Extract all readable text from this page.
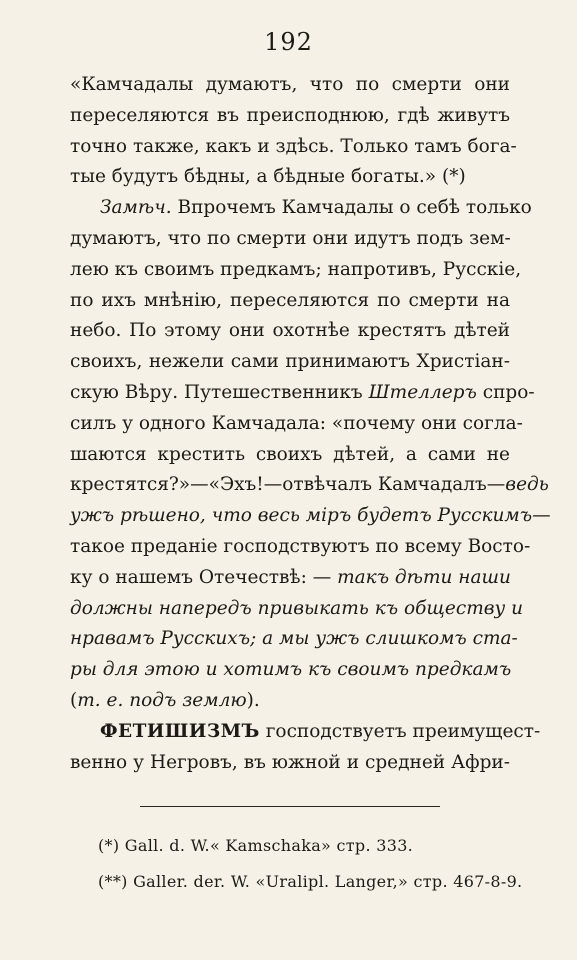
192
«Камчадалы думаютъ, что по смерти они
переселяются въ преисподнюю, гдѣ живутъ
точно также, какъ и здѣсь. Только тамъ бога-
тые будутъ бѣдны, а бѣдные богаты.» (*)
Замѣч. Впрочемъ Камчадалы о себѣ только
думаютъ, что по смерти они идутъ подъ зем-
лею къ своимъ предкамъ; напротивъ, Русскіе,
по ихъ мнѣнію, переселяются по смерти на
небо. По этому они охотнѣе крестятъ дѣтей
своихъ, нежели сами принимаютъ Христіан-
скую Вѣру. Путешественникъ Штеллеръ спро-
силъ у одного Камчадала: «почему они согла-
шаются крестить своихъ дѣтей, а сами не
крестятся?»—«Эхъ!—отвѣчалъ Камчадалъ—ведь
ужъ рѣшено, что весь міръ будетъ Русскимъ—
такое преданіе господствуютъ по всему Восто-
ку о нашемъ Отечествѣ: — такъ дѣти наши
должны напередъ привыкать къ обществу и
нравамъ Русскихъ; а мы ужъ слишкомъ ста-
ры для этою и хотимъ къ своимъ предкамъ
(т. е. подъ землю).
ФЕТИШИЗМЪ господствуетъ преимущест-
венно у Негровъ, въ южной и средней Афри-
(*) Gall. d. W.« Kamschaka» стр. 333.
(**) Galler. der. W. «Uralipl. Langer,» стр. 467-8-9.
